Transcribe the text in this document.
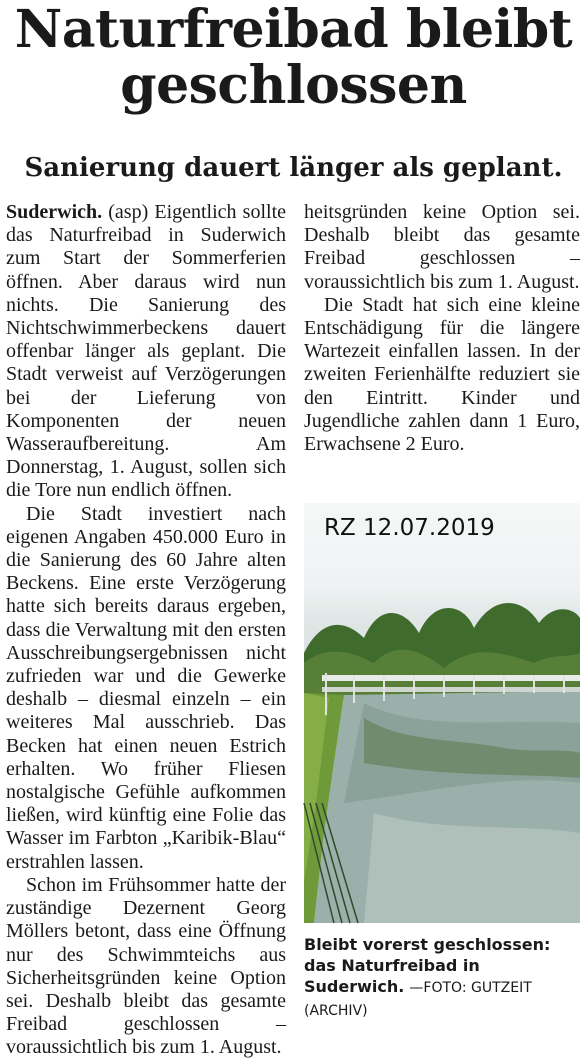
Naturfreibad bleibt geschlossen
Sanierung dauert länger als geplant.

Suderwich. (asp) Eigentlich sollte das Naturfreibad in Suderwich zum Start der Sommerferien öffnen. Aber daraus wird nun nichts. Die Sanierung des Nichtschwimmerbeckens dauert offenbar länger als geplant. Die Stadt verweist auf Verzögerungen bei der Lieferung von Komponenten der neuen Wasseraufbereitung. Am Donnerstag, 1. August, sollen sich die Tore nun endlich öffnen.

Die Stadt investiert nach eigenen Angaben 450.000 Euro in die Sanierung des 60 Jahre alten Beckens. Eine erste Verzögerung hatte sich bereits daraus ergeben, dass die Verwaltung mit den ersten Ausschreibungsergebnissen nicht zufrieden war und die Gewerke deshalb – diesmal einzeln – ein weiteres Mal ausschrieb. Das Becken hat einen neuen Estrich erhalten. Wo früher Fliesen nostalgische Gefühle aufkommen ließen, wird künftig eine Folie das Wasser im Farbton „Karibik-Blau“ erstrahlen lassen.

Schon im Frühsommer hatte der zuständige Dezernent Georg Möllers betont, dass eine Öffnung nur des Schwimmteichs aus Sicherheitsgründen keine Option sei. Deshalb bleibt das gesamte Freibad geschlossen – voraussichtlich bis zum 1. August.

heitsgründen keine Option sei. Deshalb bleibt das gesamte Freibad geschlossen – voraussichtlich bis zum 1. August.

Die Stadt hat sich eine kleine Entschädigung für die längere Wartezeit einfallen lassen. In der zweiten Ferienhälfte reduziert sie den Eintritt. Kinder und Jugendliche zahlen dann 1 Euro, Erwachsene 2 Euro.

RZ 12.07.2019
Bleibt vorerst geschlossen: das Naturfreibad in Suderwich. —FOTO: GUTZEIT (ARCHIV)
